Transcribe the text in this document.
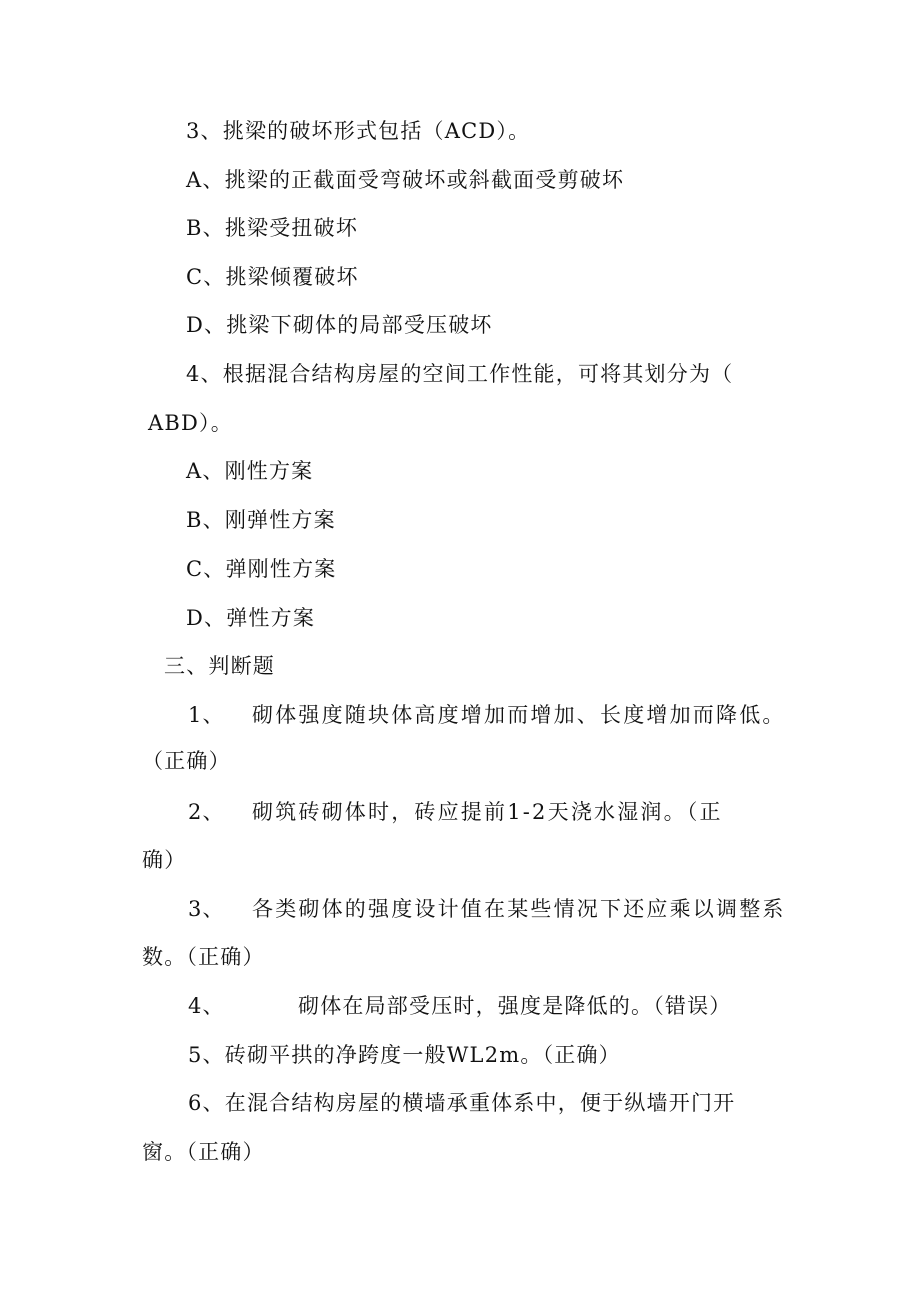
3、挑梁的破坏形式包括（ACD）。
A、挑梁的正截面受弯破坏或斜截面受剪破坏
B、挑梁受扭破坏
C、挑梁倾覆破坏
D、挑梁下砌体的局部受压破坏
4、根据混合结构房屋的空间工作性能，可将其划分为（
ABD）。
A、刚性方案
B、刚弹性方案
C、弹刚性方案
D、弹性方案
三、判断题
1、 砌体强度随块体高度增加而增加、长度增加而降低。
（正确）
2、 砌筑砖砌体时，砖应提前1-2天浇水湿润。（正
确）
3、 各类砌体的强度设计值在某些情况下还应乘以调整系
数。（正确）
4、	砌体在局部受压时，强度是降低的。（错误）
5、砖砌平拱的净跨度一般WL2m。（正确）
6、在混合结构房屋的横墙承重体系中，便于纵墙开门开
窗。（正确）
